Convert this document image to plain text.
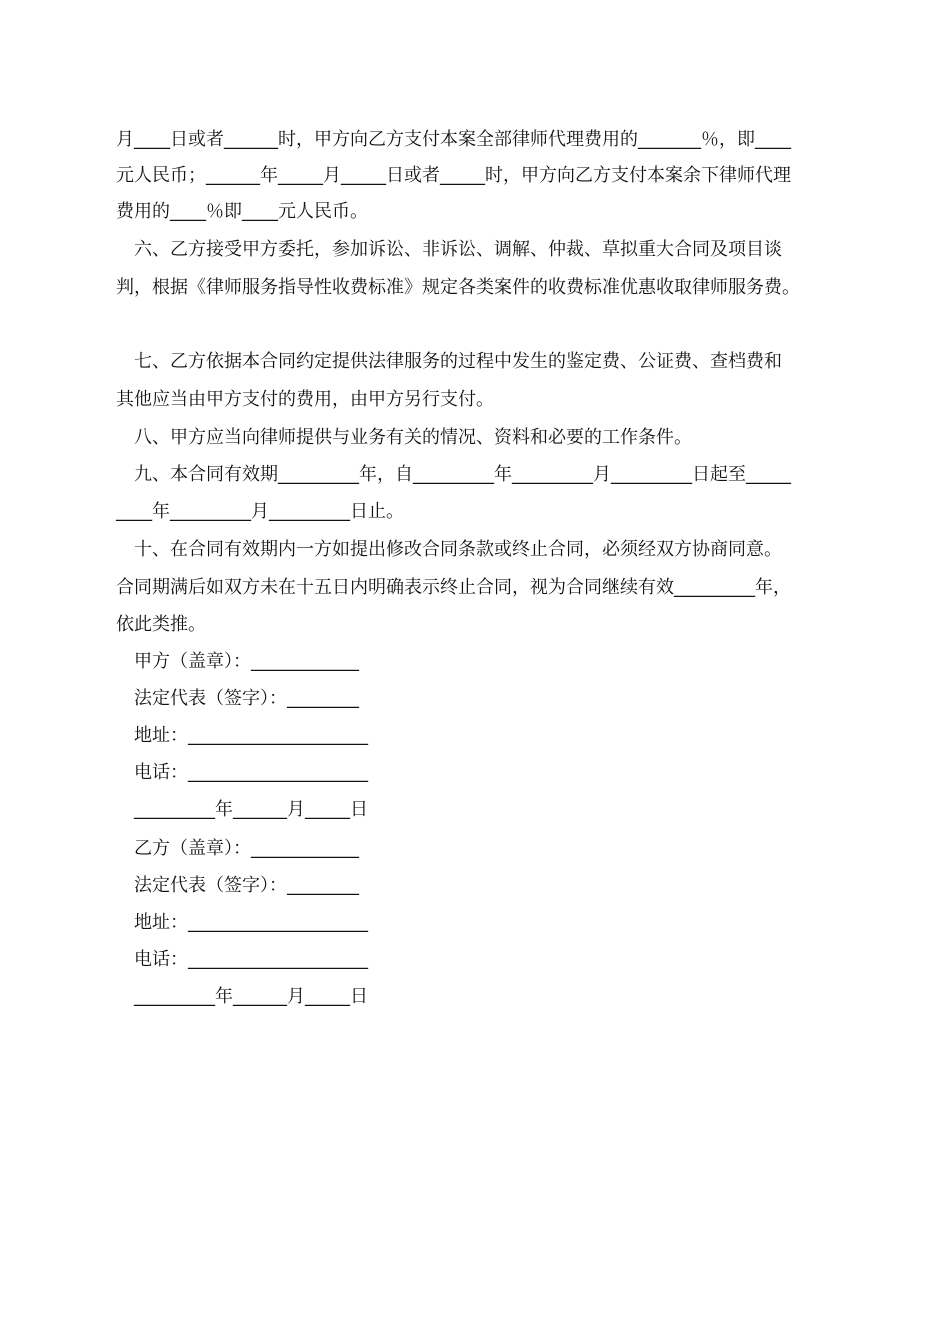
月____日或者______时，甲方向乙方支付本案全部律师代理费用的_______％，即____
元人民币；______年_____月_____日或者_____时，甲方向乙方支付本案余下律师代理
费用的____％即____元人民币。
六、乙方接受甲方委托，参加诉讼、非诉讼、调解、仲裁、草拟重大合同及项目谈
判，根据《律师服务指导性收费标准》规定各类案件的收费标准优惠收取律师服务费。
七、乙方依据本合同约定提供法律服务的过程中发生的鉴定费、公证费、查档费和
其他应当由甲方支付的费用，由甲方另行支付。
八、甲方应当向律师提供与业务有关的情况、资料和必要的工作条件。
九、本合同有效期_________年，自_________年_________月_________日起至_____
____年_________月_________日止。
十、在合同有效期内一方如提出修改合同条款或终止合同，必须经双方协商同意。
合同期满后如双方未在十五日内明确表示终止合同，视为合同继续有效_________年，
依此类推。
甲方（盖章）：____________
法定代表（签字）：________
地址：____________________
电话：____________________
_________年______月_____日
乙方（盖章）：____________
法定代表（签字）：________
地址：____________________
电话：____________________
_________年______月_____日
